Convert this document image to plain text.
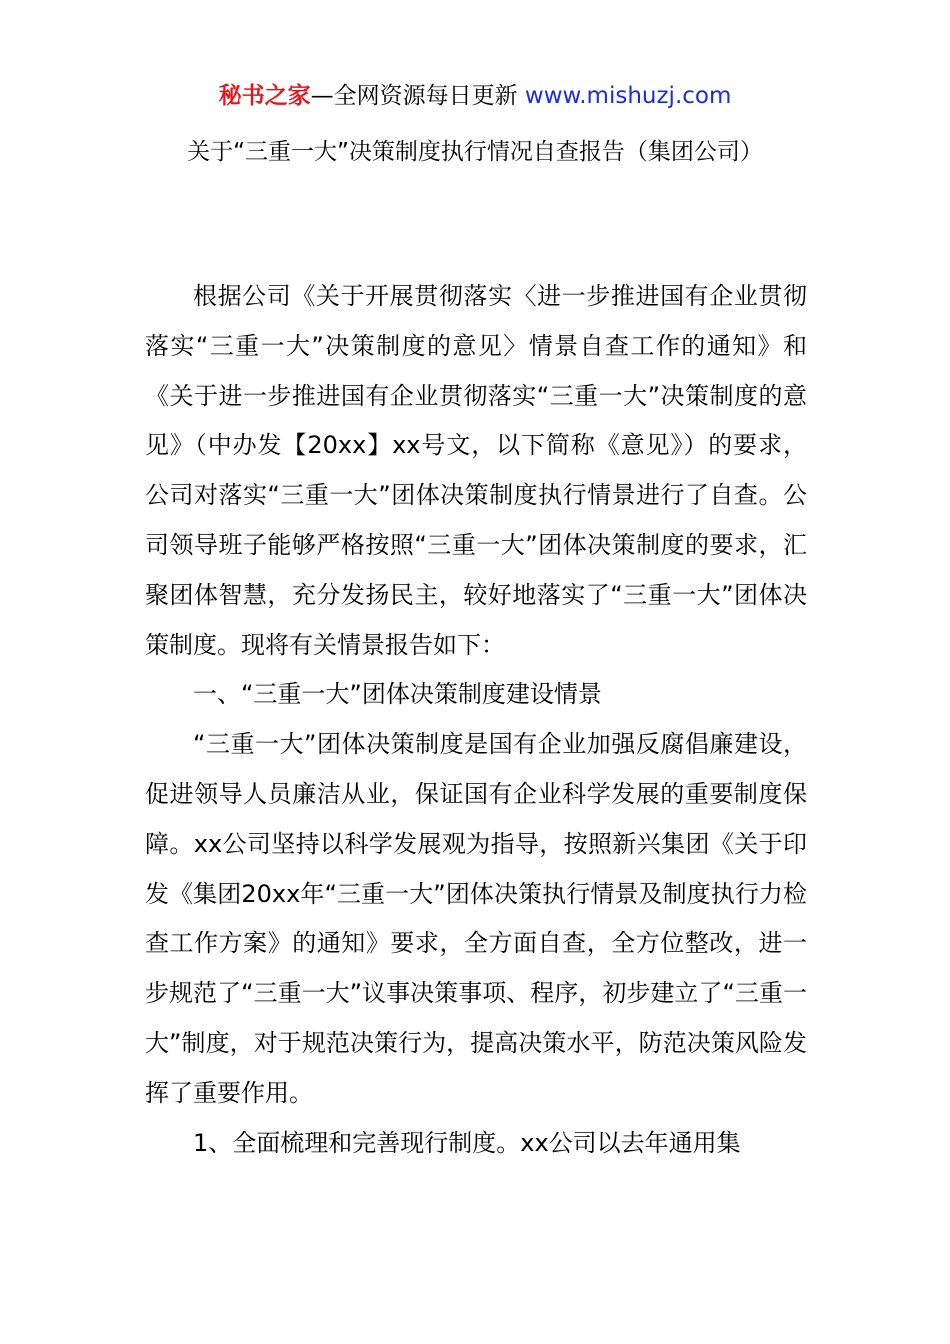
秘书之家—全网资源每日更新 www.mishuzj.com
关于“三重一大”决策制度执行情况自查报告（集团公司）

根据公司《关于开展贯彻落实〈进一步推进国有企业贯彻落实“三重一大”决策制度的意见〉情景自查工作的通知》和《关于进一步推进国有企业贯彻落实“三重一大”决策制度的意见》（中办发【20xx】xx号文，以下简称《意见》）的要求，公司对落实“三重一大”团体决策制度执行情景进行了自查。公司领导班子能够严格按照“三重一大”团体决策制度的要求，汇聚团体智慧，充分发扬民主，较好地落实了“三重一大”团体决策制度。现将有关情景报告如下：

一、“三重一大”团体决策制度建设情景

“三重一大”团体决策制度是国有企业加强反腐倡廉建设，促进领导人员廉洁从业，保证国有企业科学发展的重要制度保障。xx公司坚持以科学发展观为指导，按照新兴集团《关于印发《集团20xx年“三重一大”团体决策执行情景及制度执行力检查工作方案》的通知》要求，全方面自查，全方位整改，进一步规范了“三重一大”议事决策事项、程序，初步建立了“三重一大”制度，对于规范决策行为，提高决策水平，防范决策风险发挥了重要作用。

1、全面梳理和完善现行制度。xx公司以去年通用集
